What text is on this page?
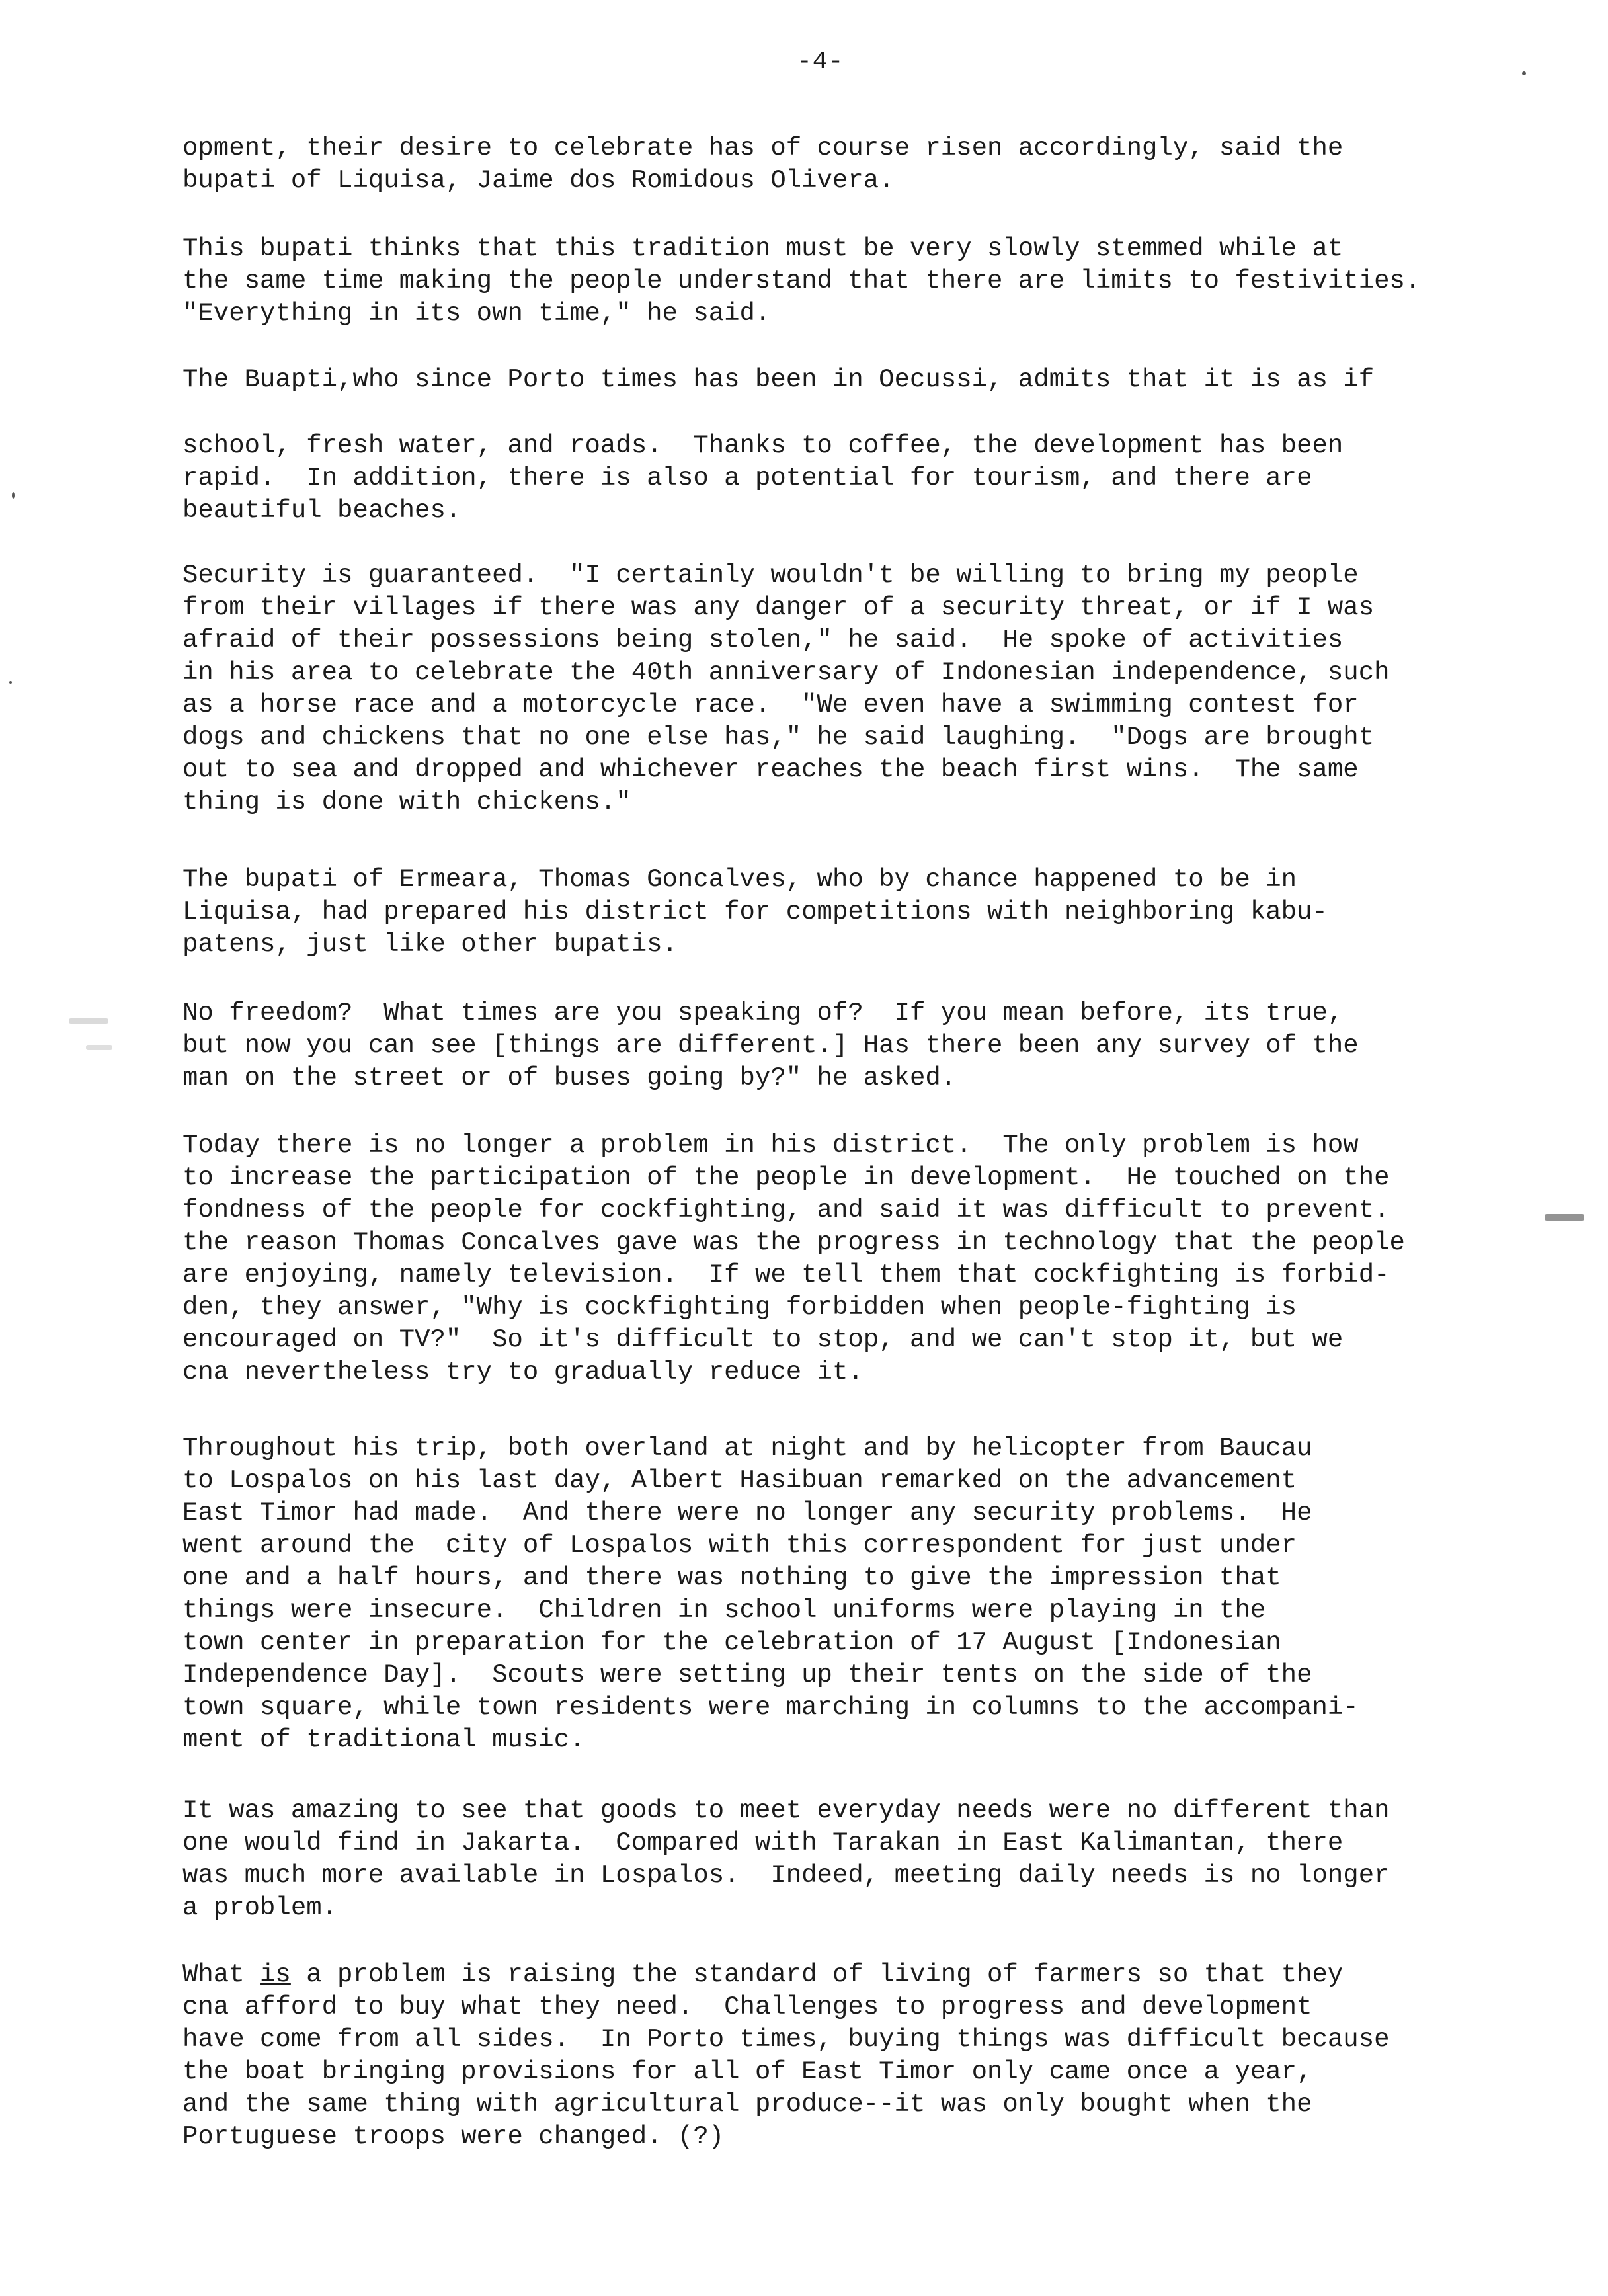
-4-
opment, their desire to celebrate has of course risen accordingly, said the
bupati of Liquisa, Jaime dos Romidous Olivera.
This bupati thinks that this tradition must be very slowly stemmed while at
the same time making the people understand that there are limits to festivities.
"Everything in its own time," he said.
The Buapti,who since Porto times has been in Oecussi, admits that it is as if
school, fresh water, and roads.  Thanks to coffee, the development has been
rapid.  In addition, there is also a potential for tourism, and there are
beautiful beaches.
Security is guaranteed.  "I certainly wouldn't be willing to bring my people
from their villages if there was any danger of a security threat, or if I was
afraid of their possessions being stolen," he said.  He spoke of activities
in his area to celebrate the 40th anniversary of Indonesian independence, such
as a horse race and a motorcycle race.  "We even have a swimming contest for
dogs and chickens that no one else has," he said laughing.  "Dogs are brought
out to sea and dropped and whichever reaches the beach first wins.  The same
thing is done with chickens."
The bupati of Ermeara, Thomas Goncalves, who by chance happened to be in
Liquisa, had prepared his district for competitions with neighboring kabu-
patens, just like other bupatis.
No freedom?  What times are you speaking of?  If you mean before, its true,
but now you can see [things are different.] Has there been any survey of the
man on the street or of buses going by?" he asked.
Today there is no longer a problem in his district.  The only problem is how
to increase the participation of the people in development.  He touched on the
fondness of the people for cockfighting, and said it was difficult to prevent.
the reason Thomas Concalves gave was the progress in technology that the people
are enjoying, namely television.  If we tell them that cockfighting is forbid-
den, they answer, "Why is cockfighting forbidden when people-fighting is
encouraged on TV?"  So it's difficult to stop, and we can't stop it, but we
cna nevertheless try to gradually reduce it.
Throughout his trip, both overland at night and by helicopter from Baucau
to Lospalos on his last day, Albert Hasibuan remarked on the advancement
East Timor had made.  And there were no longer any security problems.  He
went around the  city of Lospalos with this correspondent for just under
one and a half hours, and there was nothing to give the impression that
things were insecure.  Children in school uniforms were playing in the
town center in preparation for the celebration of 17 August [Indonesian
Independence Day].  Scouts were setting up their tents on the side of the
town square, while town residents were marching in columns to the accompani-
ment of traditional music.
It was amazing to see that goods to meet everyday needs were no different than
one would find in Jakarta.  Compared with Tarakan in East Kalimantan, there
was much more available in Lospalos.  Indeed, meeting daily needs is no longer
a problem.
What is a problem is raising the standard of living of farmers so that they
cna afford to buy what they need.  Challenges to progress and development
have come from all sides.  In Porto times, buying things was difficult because
the boat bringing provisions for all of East Timor only came once a year,
and the same thing with agricultural produce--it was only bought when the
Portuguese troops were changed. (?)
